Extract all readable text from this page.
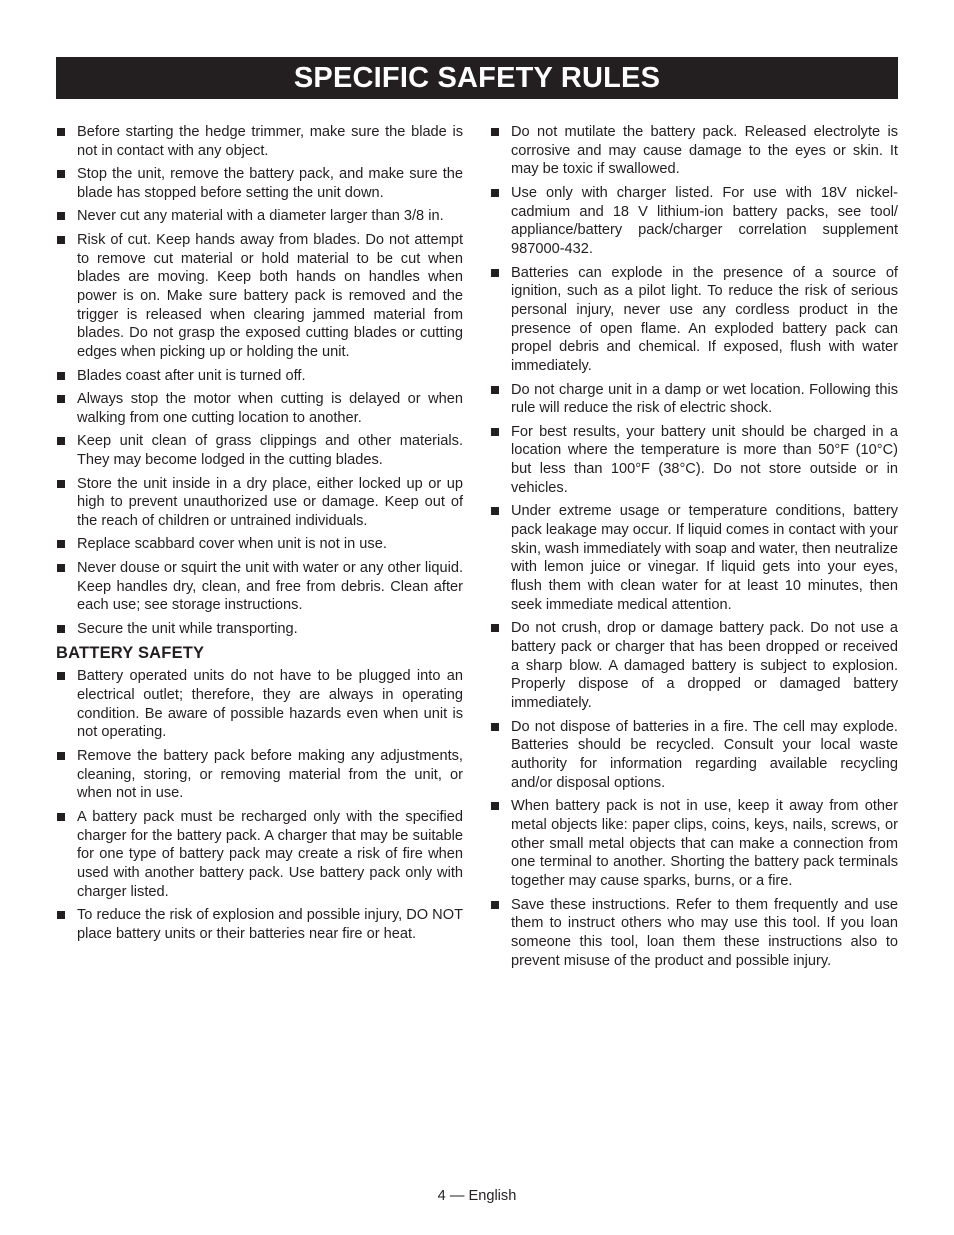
SPECIFIC SAFETY RULES
Before starting the hedge trimmer, make sure the blade is not in contact with any object.
Stop the unit, remove the battery pack, and make sure the blade has stopped before setting the unit down.
Never cut any material with a diameter larger than 3/8 in.
Risk of cut. Keep hands away from blades. Do not attempt to remove cut material or hold material to be cut when blades are moving. Keep both hands on handles when power is on. Make sure battery pack is removed and the trigger is released when clearing jammed material from blades. Do not grasp the exposed cutting blades or cutting edges when picking up or holding the unit.
Blades coast after unit is turned off.
Always stop the motor when cutting is delayed or when walking from one cutting location to another.
Keep unit clean of grass clippings and other materials. They may become lodged in the cutting blades.
Store the unit inside in a dry place, either locked up or up high to prevent unauthorized use or damage. Keep out of the reach of children or untrained individuals.
Replace scabbard cover when unit is not in use.
Never douse or squirt the unit with water or any other liquid. Keep handles dry, clean, and free from debris. Clean after each use; see storage instructions.
Secure the unit while transporting.
BATTERY SAFETY
Battery operated units do not have to be plugged into an electrical outlet; therefore, they are always in operating condition. Be aware of possible hazards even when unit is not operating.
Remove the battery pack before making any adjustments, cleaning, storing, or removing material from the unit, or when not in use.
A battery pack must be recharged only with the specified charger for the battery pack. A charger that may be suitable for one type of battery pack may create a risk of fire when used with another battery pack. Use battery pack only with charger listed.
To reduce the risk of explosion and possible injury, DO NOT place battery units or their batteries near fire or heat.
Do not mutilate the battery pack. Released electrolyte is corrosive and may cause damage to the eyes or skin. It may be toxic if swallowed.
Use only with charger listed. For use with 18V nickel-cadmium and 18 V lithium-ion battery packs, see tool/ appliance/battery pack/charger correlation supplement 987000-432.
Batteries can explode in the presence of a source of ignition, such as a pilot light. To reduce the risk of serious personal injury, never use any cordless product in the presence of open flame. An exploded battery pack can propel debris and chemical. If exposed, flush with water immediately.
Do not charge unit in a damp or wet location. Following this rule will reduce the risk of electric shock.
For best results, your battery unit should be charged in a location where the temperature is more than 50°F (10°C) but less than 100°F (38°C). Do not store outside or in vehicles.
Under extreme usage or temperature conditions, battery pack leakage may occur. If liquid comes in contact with your skin, wash immediately with soap and water, then neutralize with lemon juice or vinegar. If liquid gets into your eyes, flush them with clean water for at least 10 minutes, then seek immediate medical attention.
Do not crush, drop or damage battery pack. Do not use a battery pack or charger that has been dropped or received a sharp blow. A damaged battery is subject to explosion. Properly dispose of a dropped or damaged battery immediately.
Do not dispose of batteries in a fire. The cell may explode. Batteries should be recycled. Consult your local waste authority for information regarding available recycling and/or disposal options.
When battery pack is not in use, keep it away from other metal objects like: paper clips, coins, keys, nails, screws, or other small metal objects that can make a connection from one terminal to another. Shorting the battery pack terminals together may cause sparks, burns, or a fire.
Save these instructions. Refer to them frequently and use them to instruct others who may use this tool. If you loan someone this tool, loan them these instructions also to prevent misuse of the product and possible injury.
4 — English
